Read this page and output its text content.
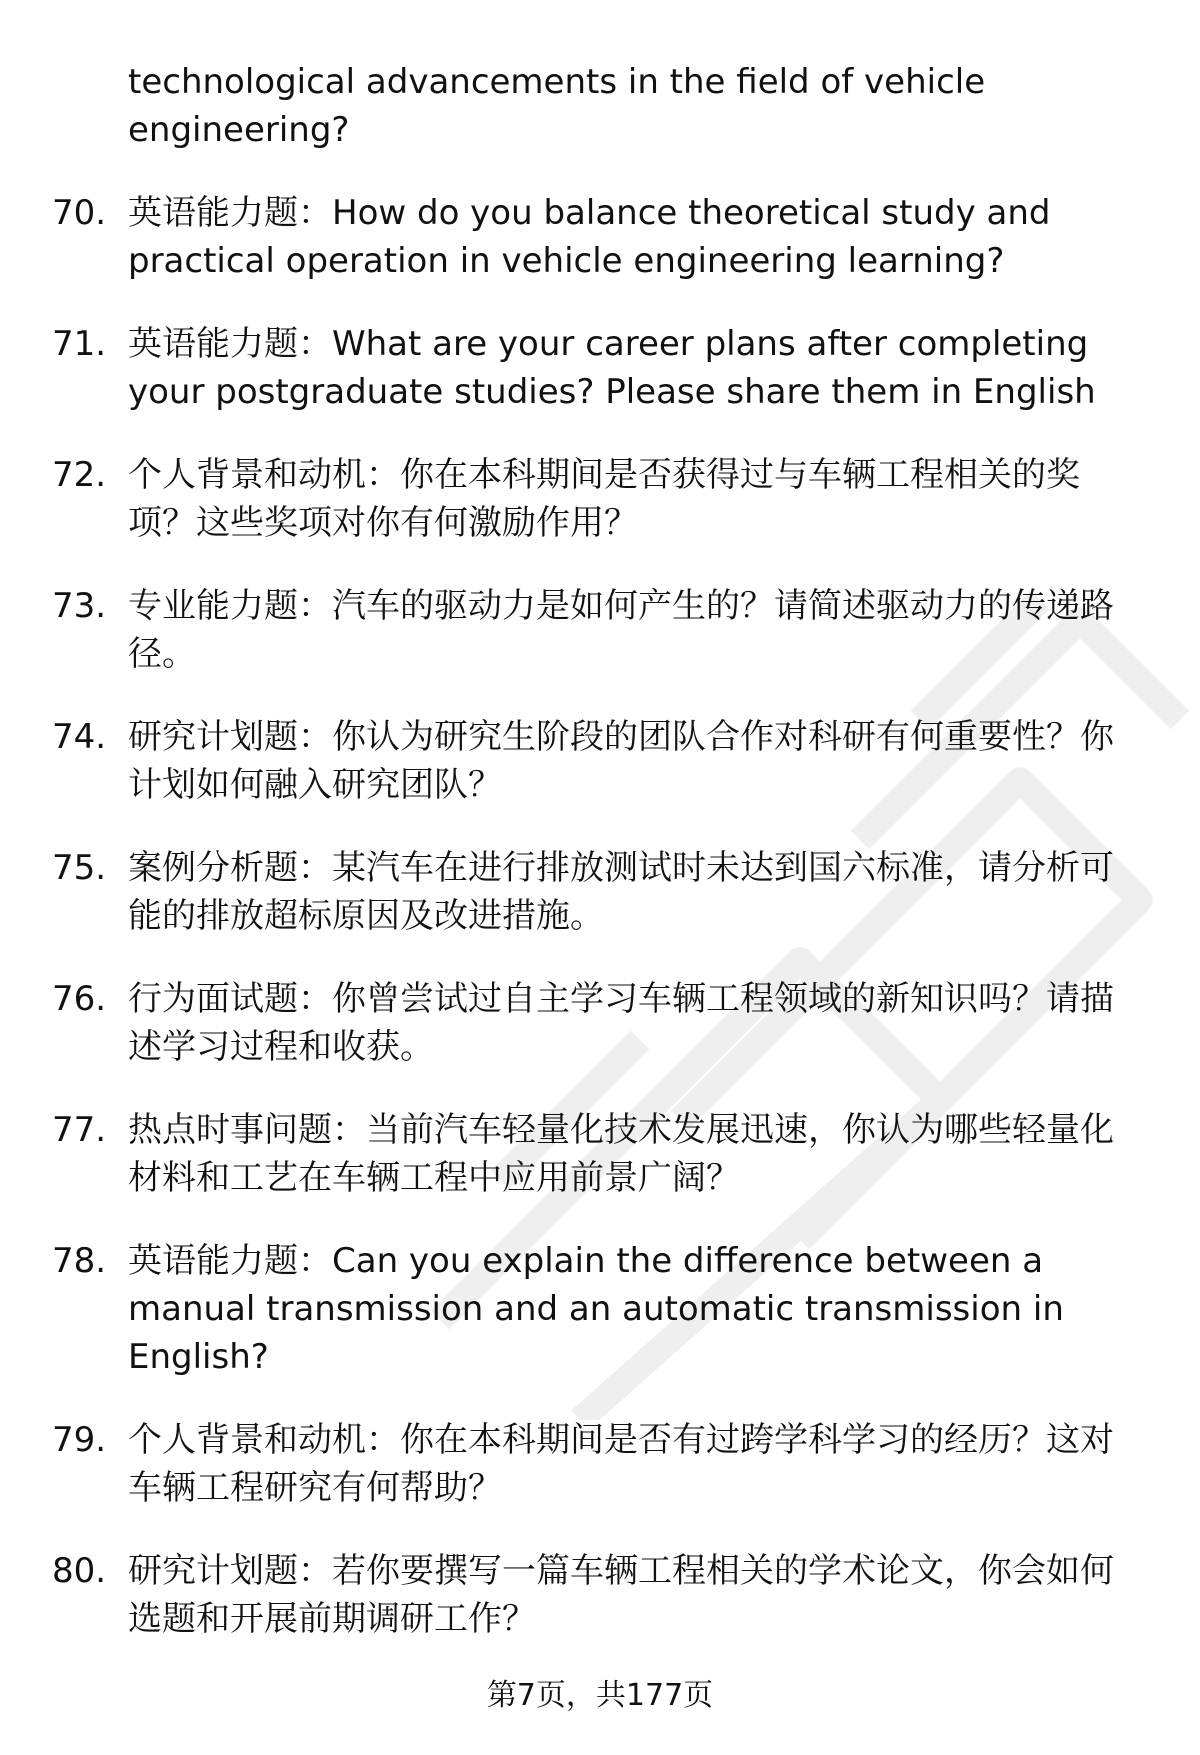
technological advancements in the field of vehicle engineering?
70. 英语能力题：How do you balance theoretical study and practical operation in vehicle engineering learning?
71. 英语能力题：What are your career plans after completing your postgraduate studies? Please share them in English
72. 个人背景和动机：你在本科期间是否获得过与车辆工程相关的奖项？这些奖项对你有何激励作用？
73. 专业能力题：汽车的驱动力是如何产生的？请简述驱动力的传递路径。
74. 研究计划题：你认为研究生阶段的团队合作对科研有何重要性？你计划如何融入研究团队？
75. 案例分析题：某汽车在进行排放测试时未达到国六标准，请分析可能的排放超标原因及改进措施。
76. 行为面试题：你曾尝试过自主学习车辆工程领域的新知识吗？请描述学习过程和收获。
77. 热点时事问题：当前汽车轻量化技术发展迅速，你认为哪些轻量化材料和工艺在车辆工程中应用前景广阔？
78. 英语能力题：Can you explain the difference between a manual transmission and an automatic transmission in English?
79. 个人背景和动机：你在本科期间是否有过跨学科学习的经历？这对车辆工程研究有何帮助？
80. 研究计划题：若你要撰写一篇车辆工程相关的学术论文，你会如何选题和开展前期调研工作？
第7页，共177页
